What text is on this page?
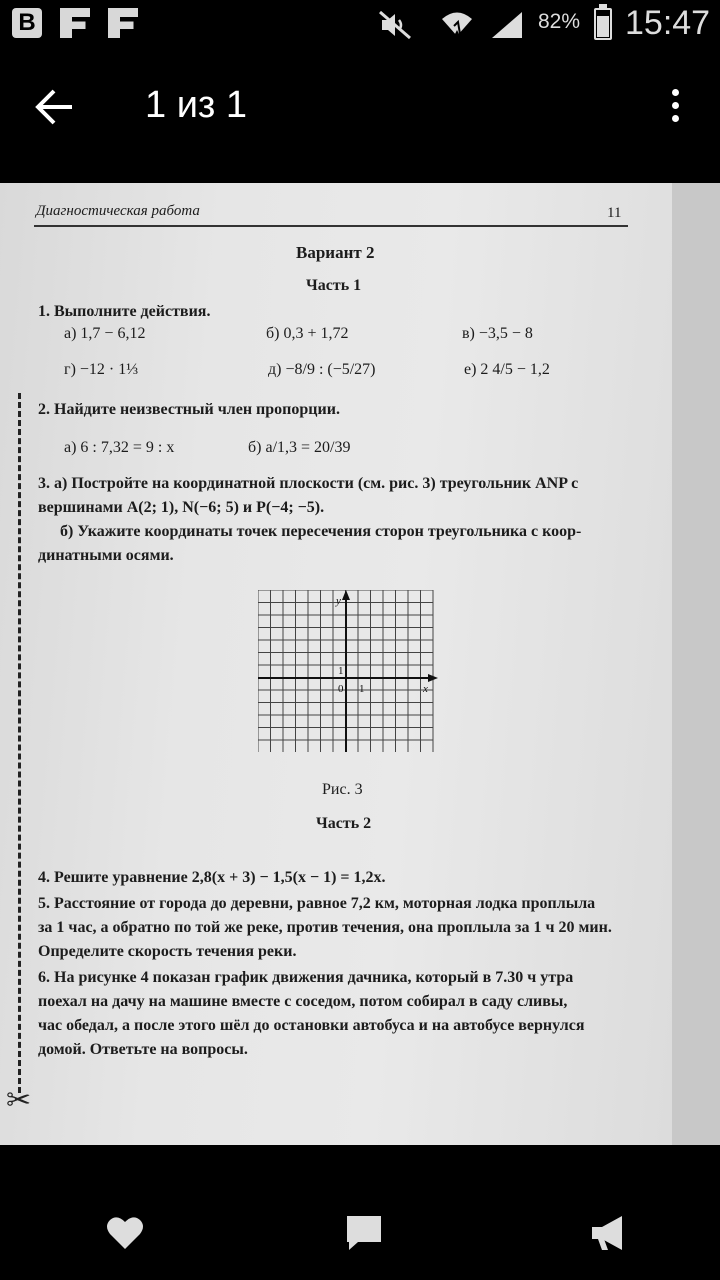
B	82% 15:47
1 из 1
✂
Диагностическая работа	11
Вариант 2
Часть 1
1. Выполните действия.
а) 1,7 − 6,12	б) 0,3 + 1,72	в) −3,5 − 8
г) −12 · 1⅓	д) −8/9 : (−5/27)	е) 2 4/5 − 1,2
2. Найдите неизвестный член пропорции.
а) 6 : 7,32 = 9 : x	б) a/1,3 = 20/39
3. а) Постройте на координатной плоскости (см. рис. 3) треугольник ANP с
вершинами A(2; 1), N(−6; 5) и P(−4; −5).
б) Укажите координаты точек пересечения сторон треугольника с коор-
динатными осями.
y
x
0 1
1
Рис. 3
Часть 2
4. Решите уравнение 2,8(x + 3) − 1,5(x − 1) = 1,2x.
5. Расстояние от города до деревни, равное 7,2 км, моторная лодка проплыла
за 1 час, а обратно по той же реке, против течения, она проплыла за 1 ч 20 мин.
Определите скорость течения реки.
6. На рисунке 4 показан график движения дачника, который в 7.30 ч утра
поехал на дачу на машине вместе с соседом, потом собирал в саду сливы,
час обедал, а после этого шёл до остановки автобуса и на автобусе вернулся
домой. Ответьте на вопросы.
